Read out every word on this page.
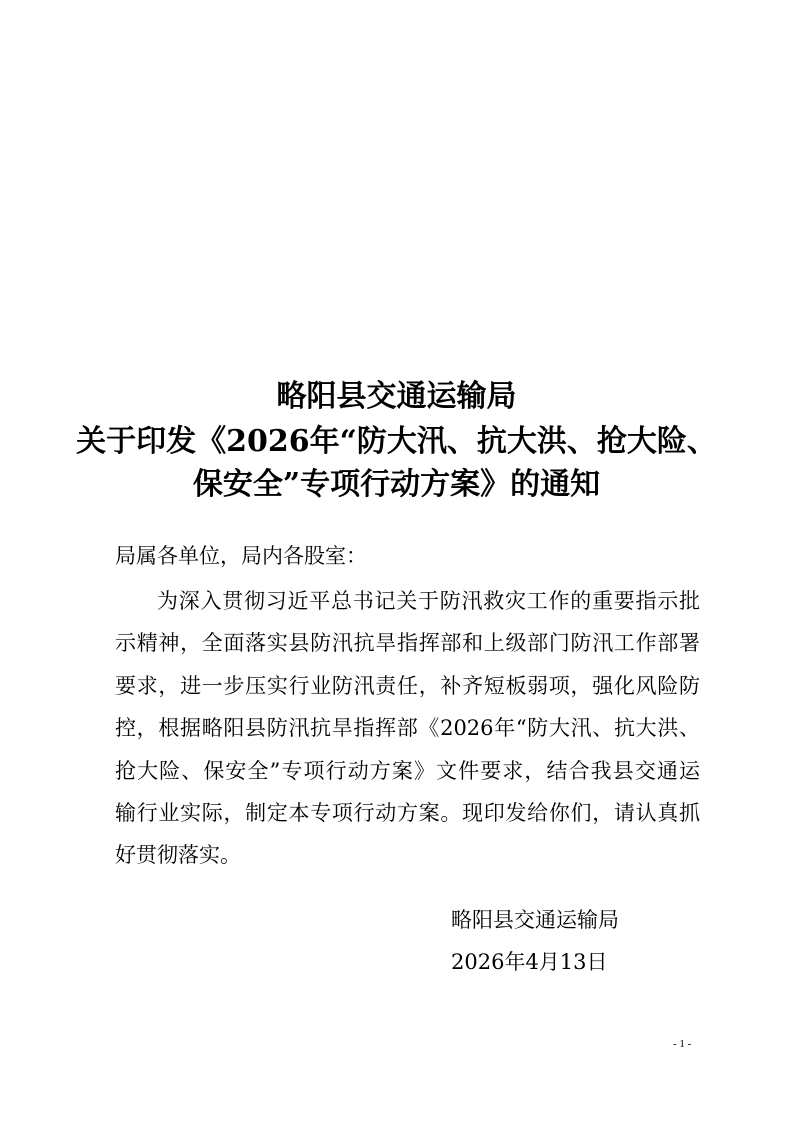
略阳县交通运输局
关于印发《2026年“防大汛、抗大洪、抢大险、
保安全”专项行动方案》的通知
局属各单位，局内各股室：
为深入贯彻习近平总书记关于防汛救灾工作的重要指示批
示精神，全面落实县防汛抗旱指挥部和上级部门防汛工作部署
要求，进一步压实行业防汛责任，补齐短板弱项，强化风险防
控，根据略阳县防汛抗旱指挥部《2026年“防大汛、抗大洪、
抢大险、保安全”专项行动方案》文件要求，结合我县交通运
输行业实际，制定本专项行动方案。现印发给你们，请认真抓
好贯彻落实。
略阳县交通运输局
2026年4月13日
- 1 -
